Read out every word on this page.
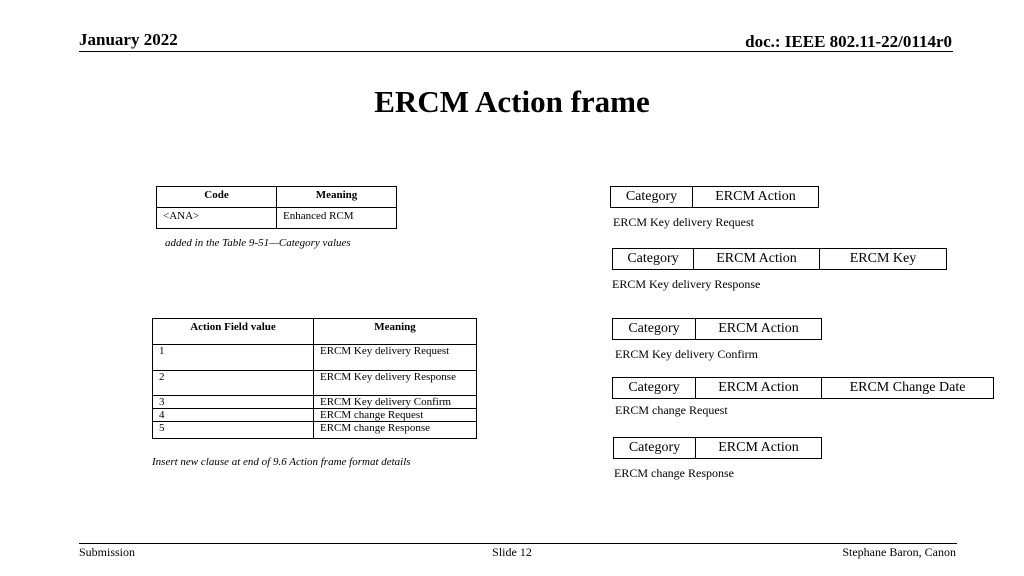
January 2022	doc.: IEEE 802.11-22/0114r0
ERCM Action frame
Code	Meaning
<ANA>	Enhanced RCM
added in the Table 9-51—Category values
Action Field value	Meaning
1	ERCM Key delivery Request
2	ERCM Key delivery Response
3	ERCM Key delivery Confirm
4	ERCM change Request
5	ERCM change Response
Insert new clause at end of 9.6 Action frame format details
Category	ERCM Action
ERCM Key delivery Request
Category	ERCM Action	ERCM Key
ERCM Key delivery Response
Category	ERCM Action
ERCM Key delivery Confirm
Category	ERCM Action	ERCM Change Date
ERCM change Request
Category	ERCM Action
ERCM change Response
Submission	Slide 12	Stephane Baron, Canon
